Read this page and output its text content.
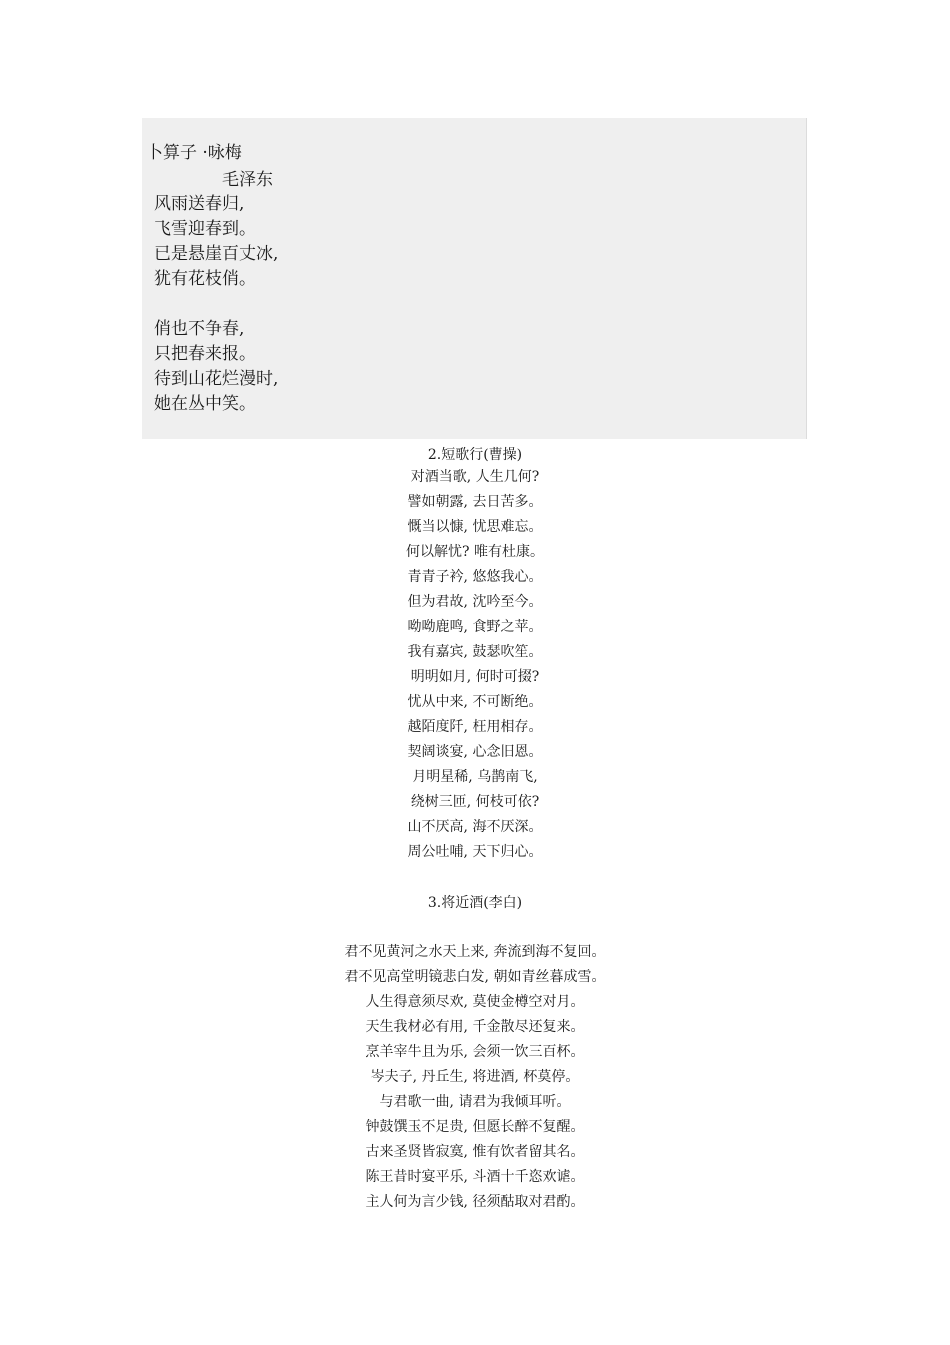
卜算子 ·咏梅
毛泽东
风雨送春归,
飞雪迎春到。
已是悬崖百丈冰,
犹有花枝俏。
俏也不争春,
只把春来报。
待到山花烂漫时,
她在丛中笑。
2.短歌行(曹操)
对酒当歌, 人生几何?
譬如朝露, 去日苦多。
慨当以慷, 忧思难忘。
何以解忧? 唯有杜康。
青青子衿, 悠悠我心。
但为君故, 沈吟至今。
呦呦鹿鸣, 食野之苹。
我有嘉宾, 鼓瑟吹笙。
明明如月, 何时可掇?
忧从中来, 不可断绝。
越陌度阡, 枉用相存。
契阔谈宴, 心念旧恩。
月明星稀, 乌鹊南飞,
绕树三匝, 何枝可依?
山不厌高, 海不厌深。
周公吐哺, 天下归心。
3.将近酒(李白)
君不见黄河之水天上来, 奔流到海不复回。
君不见高堂明镜悲白发, 朝如青丝暮成雪。
人生得意须尽欢, 莫使金樽空对月。
天生我材必有用, 千金散尽还复来。
烹羊宰牛且为乐, 会须一饮三百杯。
岑夫子, 丹丘生, 将进酒, 杯莫停。
与君歌一曲, 请君为我倾耳听。
钟鼓馔玉不足贵, 但愿长醉不复醒。
古来圣贤皆寂寞, 惟有饮者留其名。
陈王昔时宴平乐, 斗酒十千恣欢谑。
主人何为言少钱, 径须酤取对君酌。
